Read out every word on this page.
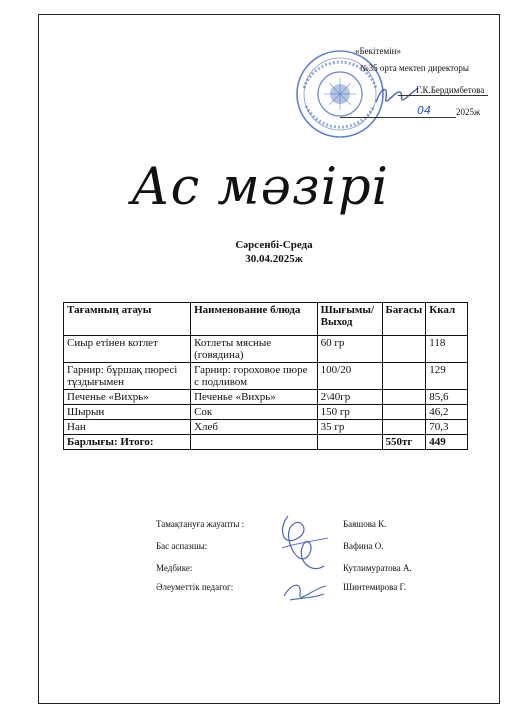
«Бекітемін»
№35 орта мектеп директоры
Г.К.Бердимбетова
04	2025ж
Ас мәзірі
Сәрсенбі-Среда
30.04.2025ж
Тағамның атауы	Наименование блюда	Шығымы/ Выход	Бағасы	Ккал
Сиыр етінен котлет	Котлеты мясные (говядина)	60 гр		118
Гарнир: бұршақ пюресі тұздығымен	Гарнир: гороховое пюре с подливом	100/20		129
Печенье «Вихрь»	Печенье «Вихрь»	2\40гр		85,6
Шырын	Сок	150 гр		46,2
Нан	Хлеб	35 гр		70,3
Барлығы: Итого:			550тг	449
Тамақтануға жауапты :	Баяшова К.
Бас аспазшы:	Вафина О.
Медбике:	Кутлимуратова А.
Әлеуметтік педагог:	Шинтемирова Г.
